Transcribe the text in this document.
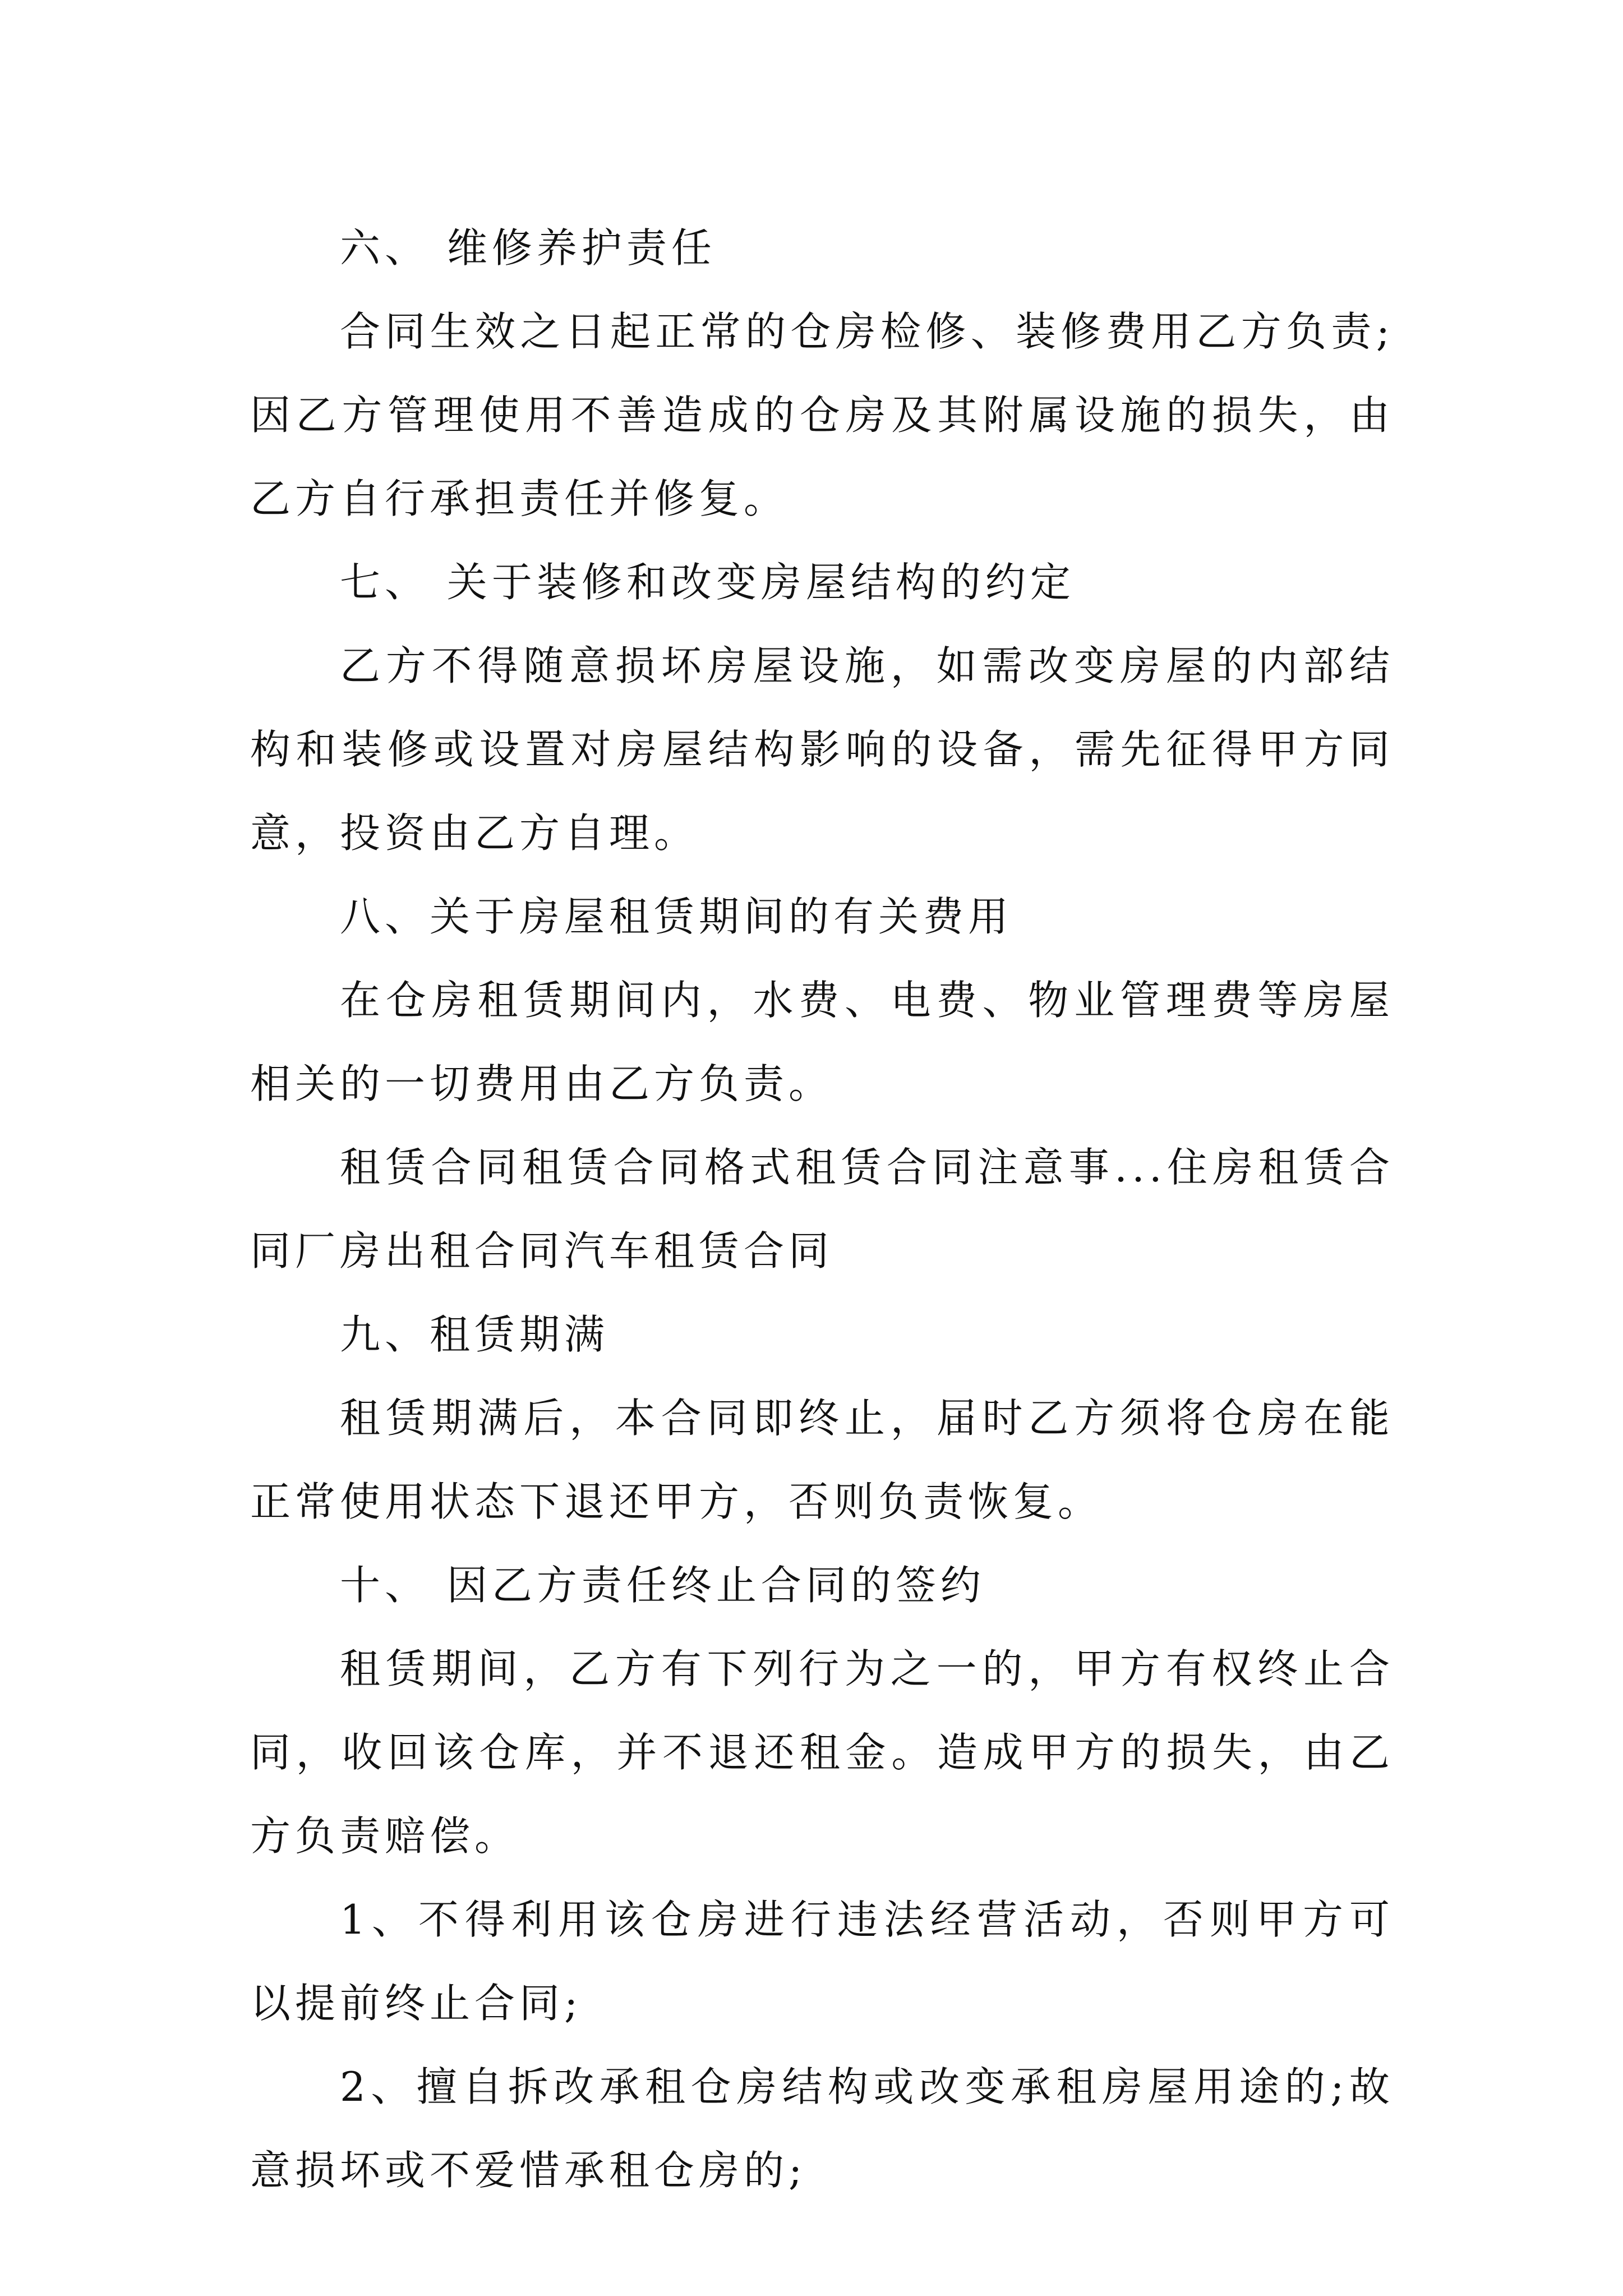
六、 维修养护责任

合同生效之日起正常的仓房检修、装修费用乙方负责;因乙方管理使用不善造成的仓房及其附属设施的损失，由乙方自行承担责任并修复。

七、 关于装修和改变房屋结构的约定

乙方不得随意损坏房屋设施，如需改变房屋的内部结构和装修或设置对房屋结构影响的设备，需先征得甲方同意，投资由乙方自理。

八、关于房屋租赁期间的有关费用

在仓房租赁期间内，水费、电费、物业管理费等房屋相关的一切费用由乙方负责。

租赁合同租赁合同格式租赁合同注意事...住房租赁合同厂房出租合同汽车租赁合同

九、租赁期满

租赁期满后，本合同即终止，届时乙方须将仓房在能正常使用状态下退还甲方，否则负责恢复。

十、 因乙方责任终止合同的签约

租赁期间，乙方有下列行为之一的，甲方有权终止合同，收回该仓库，并不退还租金。造成甲方的损失，由乙方负责赔偿。

1、不得利用该仓房进行违法经营活动，否则甲方可以提前终止合同;

2、擅自拆改承租仓房结构或改变承租房屋用途的;故意损坏或不爱惜承租仓房的;
